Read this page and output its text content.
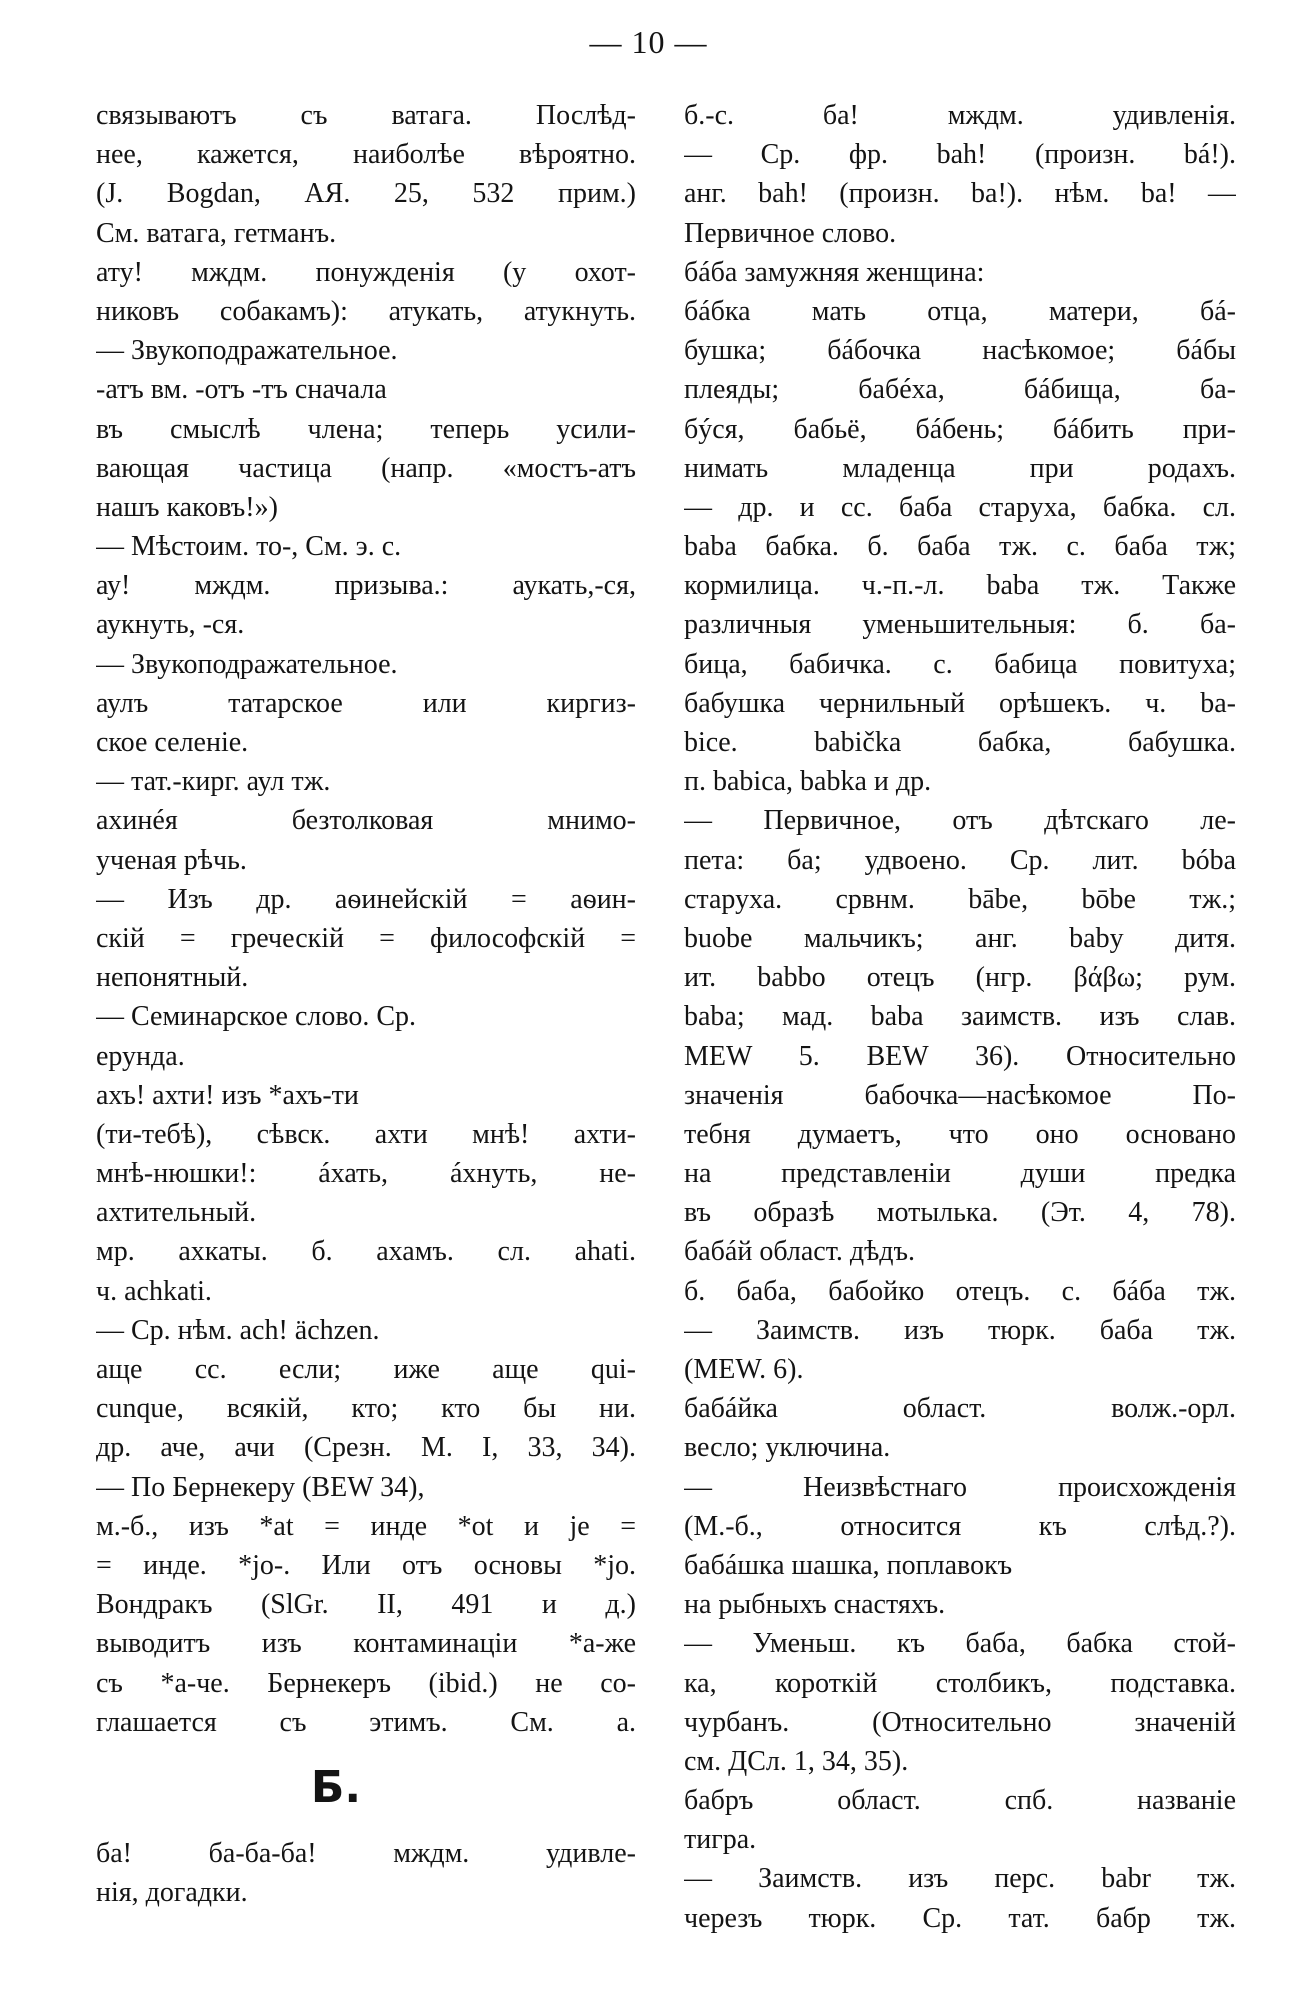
— 10 —
связываютъ съ ватага. Послѣд-
нее, кажется, наиболѣе вѣроятно.
(J. Bogdan, АЯ. 25, 532 прим.)
См. ватага, гетманъ.
ату! мждм. понужденія (у охот-
никовъ собакамъ): атукать, атукнуть.
— Звукоподражательное.
-атъ вм. -отъ -тъ сначала
въ смыслѣ члена; теперь усили-
вающая частица (напр. «мостъ-атъ
нашъ каковъ!»)
— Мѣстоим. то-, См. э. с.
ау! мждм. призыва.: аукать,-ся,
аукнуть, -ся.
— Звукоподражательное.
аулъ татарское или киргиз-
ское селеніе.
— тат.-кирг. аул тж.
ахинéя безтолковая мнимо-
ученая рѣчь.
— Изъ др. аѳинейскій = аѳин-
скій = греческій = философскій =
непонятный.
— Семинарское слово. Ср.
ерунда.
ахъ! ахти! изъ *ахъ-ти
(ти-тебѣ), сѣвск. ахти мнѣ! ахти-
мнѣ-нюшки!: áхать, áхнуть, не-
ахтительный.
мр. ахкаты. б. ахамъ. сл. ahati.
ч. achkati.
— Ср. нѣм. ach! ächzen.
аще сс. если; иже аще qui-
cunque, всякій, кто; кто бы ни.
др. аче, ачи (Срезн. М. I, 33, 34).
— По Бернекеру (BEW 34),
м.-б., изъ *at = инде *ot и je =
= инде. *jo-. Или отъ основы *jo.
Вондракъ (SlGr. II, 491 и д.)
выводитъ изъ контаминаціи *а-же
съ *а-че. Бернекеръ (ibid.) не со-
глашается съ этимъ. См. а.
Б.
ба! ба-ба-ба! мждм. удивле-
нія, догадки.
б.-с. ба! мждм. удивленія.
— Ср. фр. bah! (произн. bá!).
анг. bah! (произн. ba!). нѣм. ba! —
Первичное слово.
бáба замужняя женщина:
бáбка мать отца, матери, бá-
бушка; бáбочка насѣкомое; бáбы
плеяды; бабéха, бáбища, ба-
бýся, бабьё, бáбень; бáбить при-
нимать младенца при родахъ.
— др. и сс. баба старуха, бабка. сл.
baba бабка. б. баба тж. с. баба тж;
кормилица. ч.-п.-л. baba тж. Также
различныя уменьшительныя: б. ба-
бица, бабичка. с. бабица повитуха;
бабушка чернильный орѣшекъ. ч. ba-
bice. babička бабка, бабушка.
п. babica, babka и др.
— Первичное, отъ дѣтскаго ле-
пета: ба; удвоено. Ср. лит. bóba
старуха. срвнм. bābe, bōbe тж.;
buobe мальчикъ; анг. baby дитя.
ит. babbo отецъ (нгр. βάβω; рум.
baba; мад. baba заимств. изъ слав.
MEW 5. BEW 36). Относительно
значенія бабочка—насѣкомое По-
тебня думаетъ, что оно основано
на представленіи души предка
въ образѣ мотылька. (Эт. 4, 78).
бабáй област. дѣдъ.
б. баба, бабойко отецъ. с. бáба тж.
— Заимств. изъ тюрк. баба тж.
(MEW. 6).
бабáйка област. волж.-орл.
весло; уключина.
— Неизвѣстнаго происхожденія
(М.-б., относится къ слѣд.?).
бабáшка шашка, поплавокъ
на рыбныхъ снастяхъ.
— Уменьш. къ баба, бабка стой-
ка, короткій столбикъ, подставка.
чурбанъ. (Относительно значеній
см. ДСл. 1, 34, 35).
бабръ област. спб. названіе
тигра.
— Заимств. изъ перс. babr тж.
черезъ тюрк. Ср. тат. бабр тж.
